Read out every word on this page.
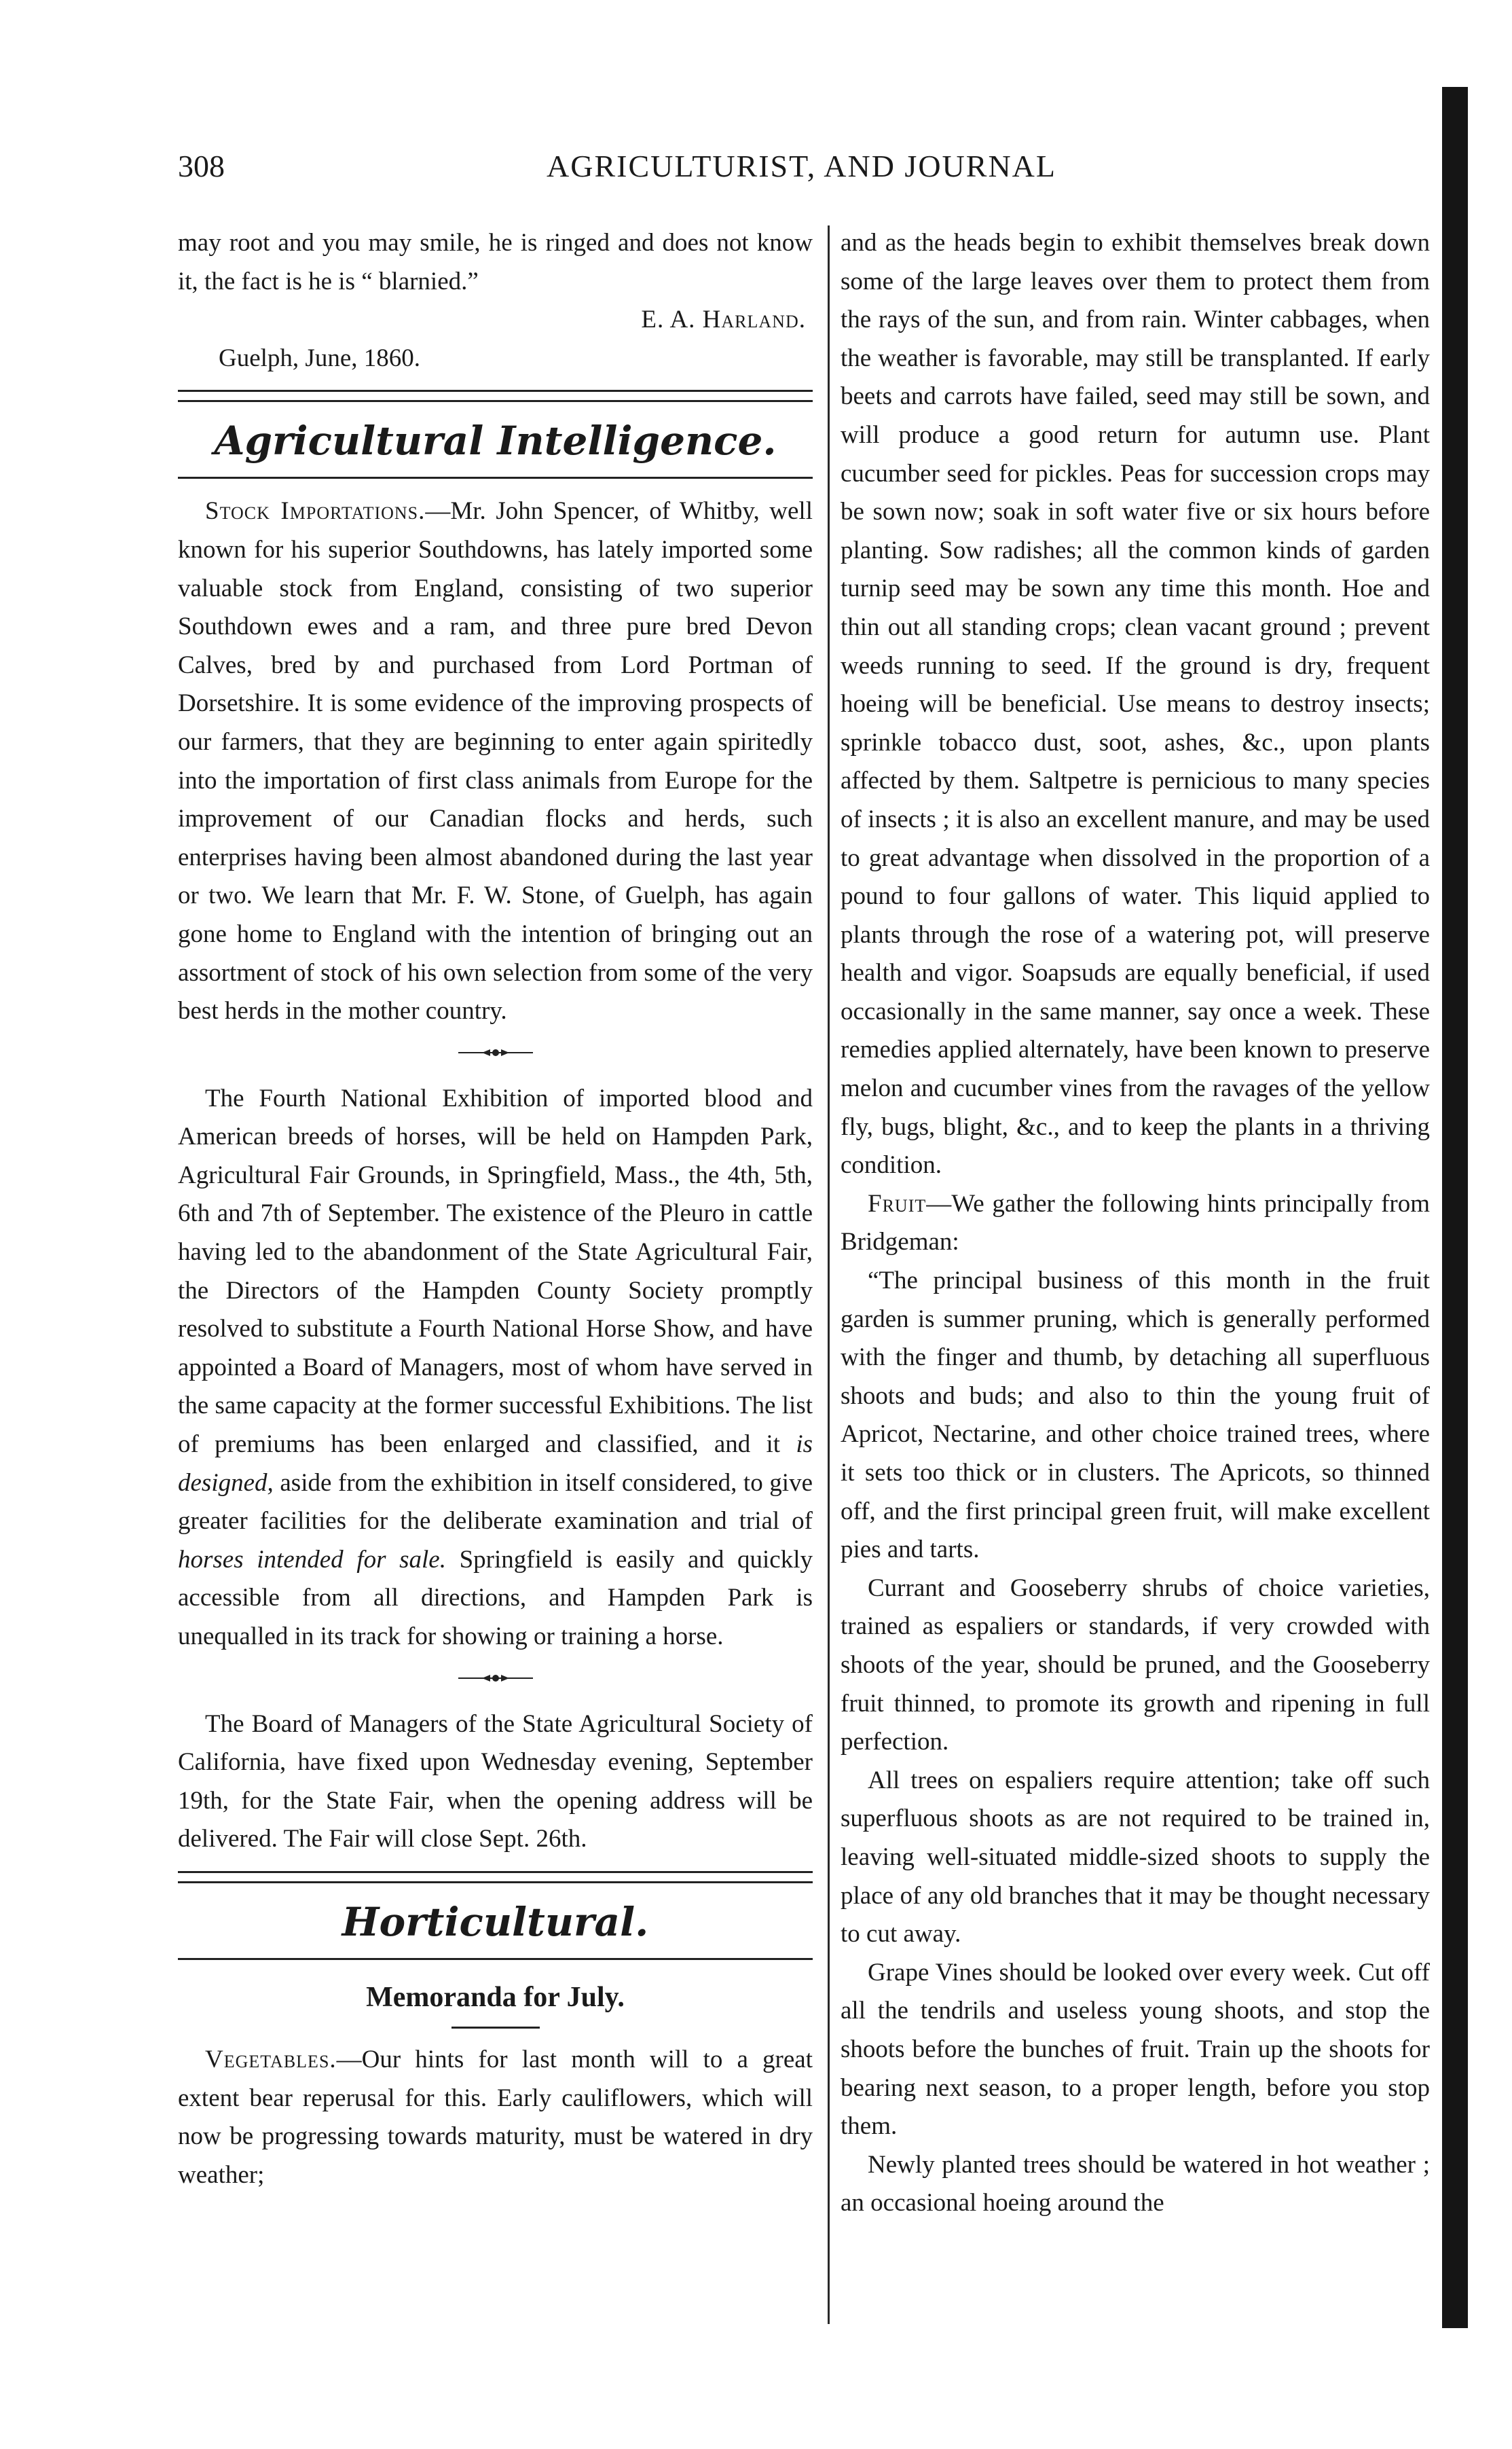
308	AGRICULTURIST, AND JOURNAL

may root and you may smile, he is ringed and does not know it, the fact is he is “ blarnied.”

E. A. Harland.

Guelph, June, 1860.

Agricultural Intelligence.

Stock Importations.—Mr. John Spencer, of Whitby, well known for his superior Southdowns, has lately imported some valuable stock from England, consisting of two superior Southdown ewes and a ram, and three pure bred Devon Calves, bred by and purchased from Lord Portman of Dorsetshire. It is some evidence of the improving prospects of our farmers, that they are beginning to enter again spiritedly into the importation of first class animals from Europe for the improvement of our Canadian flocks and herds, such enterprises having been almost abandoned during the last year or two. We learn that Mr. F. W. Stone, of Guelph, has again gone home to England with the intention of bringing out an assortment of stock of his own selection from some of the very best herds in the mother country.

The Fourth National Exhibition of imported blood and American breeds of horses, will be held on Hampden Park, Agricultural Fair Grounds, in Springfield, Mass., the 4th, 5th, 6th and 7th of September. The existence of the Pleuro in cattle having led to the abandonment of the State Agricultural Fair, the Directors of the Hampden County Society promptly resolved to substitute a Fourth National Horse Show, and have appointed a Board of Managers, most of whom have served in the same capacity at the former successful Exhibitions. The list of premiums has been enlarged and classified, and it is designed, aside from the exhibition in itself considered, to give greater facilities for the deliberate examination and trial of horses intended for sale. Springfield is easily and quickly accessible from all directions, and Hampden Park is unequalled in its track for showing or training a horse.

The Board of Managers of the State Agricultural Society of California, have fixed upon Wednesday evening, September 19th, for the State Fair, when the opening address will be delivered. The Fair will close Sept. 26th.

Horticultural.
Memoranda for July.

Vegetables.—Our hints for last month will to a great extent bear reperusal for this. Early cauliflowers, which will now be progressing towards maturity, must be watered in dry weather;

and as the heads begin to exhibit themselves break down some of the large leaves over them to protect them from the rays of the sun, and from rain. Winter cabbages, when the weather is favorable, may still be transplanted. If early beets and carrots have failed, seed may still be sown, and will produce a good return for autumn use. Plant cucumber seed for pickles. Peas for succession crops may be sown now; soak in soft water five or six hours before planting. Sow radishes; all the common kinds of garden turnip seed may be sown any time this month. Hoe and thin out all standing crops; clean vacant ground ; prevent weeds running to seed. If the ground is dry, frequent hoeing will be beneficial. Use means to destroy insects; sprinkle tobacco dust, soot, ashes, &c., upon plants affected by them. Saltpetre is pernicious to many species of insects ; it is also an excellent manure, and may be used to great advantage when dissolved in the proportion of a pound to four gallons of water. This liquid applied to plants through the rose of a watering pot, will preserve health and vigor. Soapsuds are equally beneficial, if used occasionally in the same manner, say once a week. These remedies applied alternately, have been known to preserve melon and cucumber vines from the ravages of the yellow fly, bugs, blight, &c., and to keep the plants in a thriving condition.

Fruit—We gather the following hints principally from Bridgeman:

“The principal business of this month in the fruit garden is summer pruning, which is generally performed with the finger and thumb, by detaching all superfluous shoots and buds; and also to thin the young fruit of Apricot, Nectarine, and other choice trained trees, where it sets too thick or in clusters. The Apricots, so thinned off, and the first principal green fruit, will make excellent pies and tarts.

Currant and Gooseberry shrubs of choice varieties, trained as espaliers or standards, if very crowded with shoots of the year, should be pruned, and the Gooseberry fruit thinned, to promote its growth and ripening in full perfection.

All trees on espaliers require attention; take off such superfluous shoots as are not required to be trained in, leaving well-situated middle-sized shoots to supply the place of any old branches that it may be thought necessary to cut away.

Grape Vines should be looked over every week. Cut off all the tendrils and useless young shoots, and stop the shoots before the bunches of fruit. Train up the shoots for bearing next season, to a proper length, before you stop them.

Newly planted trees should be watered in hot weather ; an occasional hoeing around the
